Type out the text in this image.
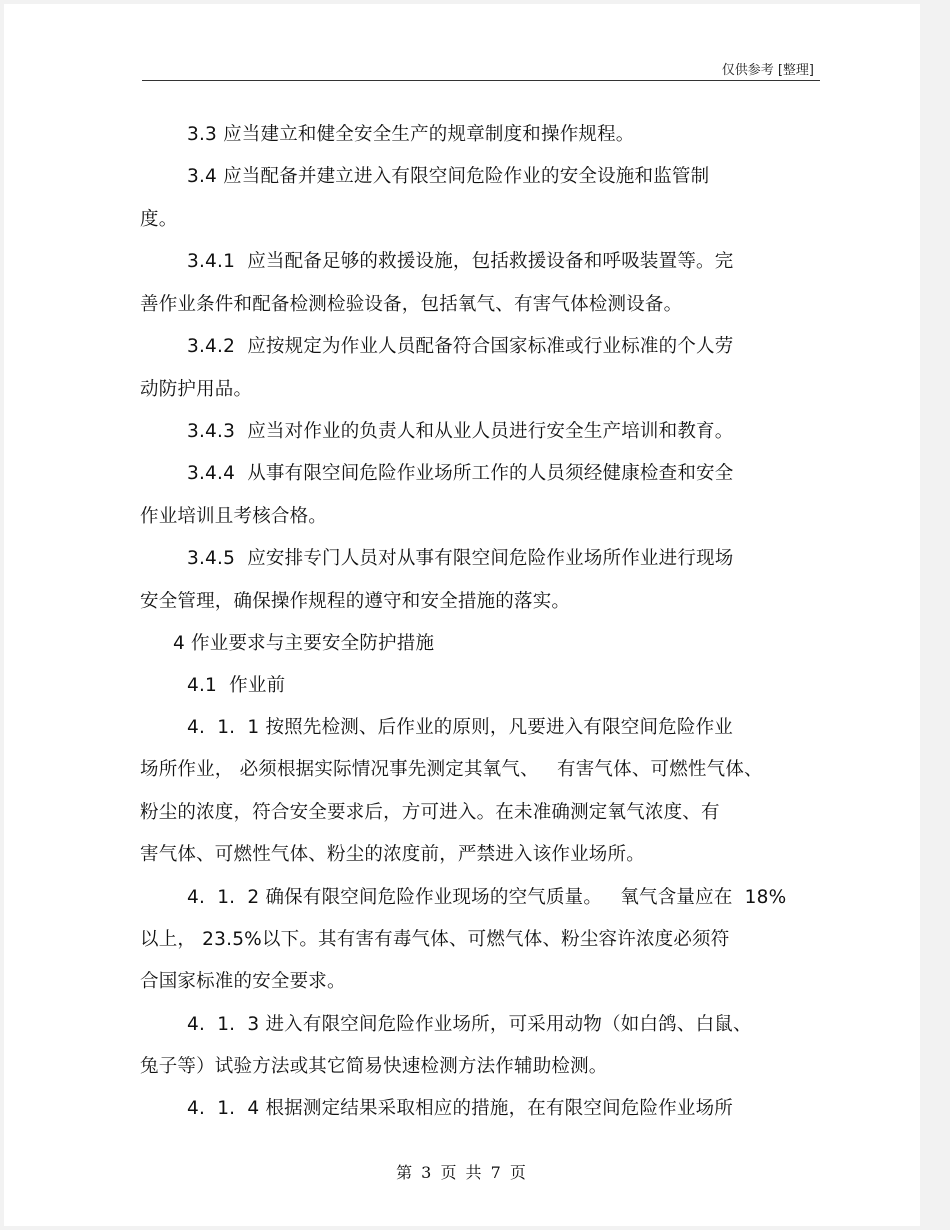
仅供参考 [整理]
3.3 应当建立和健全安全生产的规章制度和操作规程。
3.4 应当配备并建立进入有限空间危险作业的安全设施和监管制
度。
3.4.1  应当配备足够的救援设施，包括救援设备和呼吸装置等。完
善作业条件和配备检测检验设备，包括氧气、有害气体检测设备。
3.4.2  应按规定为作业人员配备符合国家标准或行业标准的个人劳
动防护用品。
3.4.3  应当对作业的负责人和从业人员进行安全生产培训和教育。
3.4.4  从事有限空间危险作业场所工作的人员须经健康检查和安全
作业培训且考核合格。
3.4.5  应安排专门人员对从事有限空间危险作业场所作业进行现场
安全管理，确保操作规程的遵守和安全措施的落实。
4 作业要求与主要安全防护措施
4.1  作业前
4.  1.  1 按照先检测、后作业的原则，凡要进入有限空间危险作业
场所作业， 必须根据实际情况事先测定其氧气、   有害气体、可燃性气体、
粉尘的浓度，符合安全要求后，方可进入。在未准确测定氧气浓度、有
害气体、可燃性气体、粉尘的浓度前，严禁进入该作业场所。
4.  1.  2 确保有限空间危险作业现场的空气质量。   氧气含量应在  18%
以上， 23.5%以下。其有害有毒气体、可燃气体、粉尘容许浓度必须符
合国家标准的安全要求。
4.  1.  3 进入有限空间危险作业场所，可采用动物（如白鸽、白鼠、
兔子等）试验方法或其它简易快速检测方法作辅助检测。
4.  1.  4 根据测定结果采取相应的措施，在有限空间危险作业场所
第 3 页 共 7 页
